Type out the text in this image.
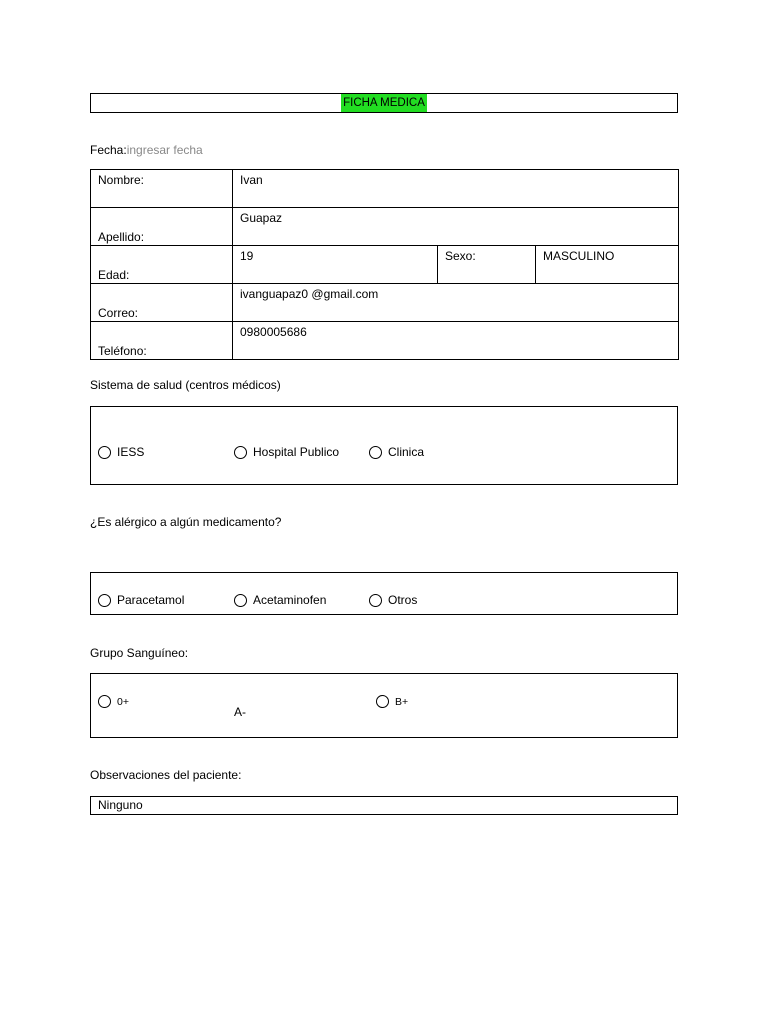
FICHA MEDICA
Fecha:ingresar fecha
Nombre:	Ivan		
Apellido:	Guapaz		
Edad:	19	Sexo:	MASCULINO
Correo:	ivanguapaz0 @gmail.com		
Teléfono:	0980005686		
Sistema de salud (centros médicos)
IESS	Hospital Publico	Clinica
¿Es alérgico a algún medicamento?
Paracetamol	Acetaminofen	Otros
Grupo Sanguíneo:
0+
A-
B+
Observaciones del paciente:
Ninguno
